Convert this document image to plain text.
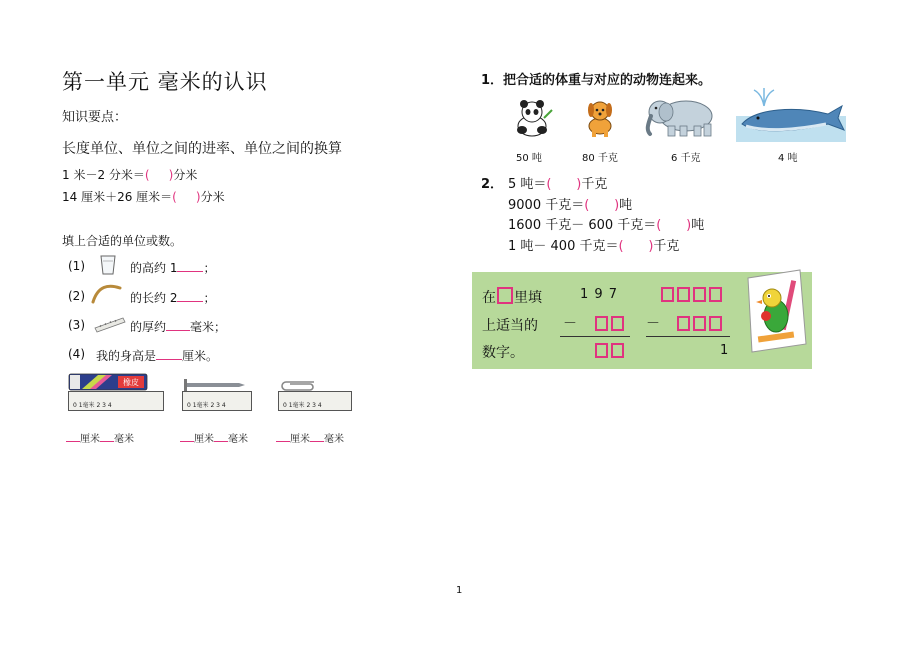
第一单元 毫米的认识
知识要点：
长度单位、单位之间的进率、单位之间的换算
1 米－2 分米＝(     )分米
14 厘米＋26 厘米＝(     )分米
填上合适的单位或数。
(1)	的高约 1 ；
(2)	的长约 2 ；
(3)	的厚约 毫米；
(4) 我的身高是 厘米。
橡皮
0 1毫米 2 3 4	0 1毫米 2 3 4	0 1毫米 2 3 4
厘米 毫米	厘米 毫米	厘米 毫米
1．把合适的体重与对应的动物连起来。
50 吨	80 千克	6 千克	4 吨
2． 5 吨＝(      )千克
9000 千克＝(      )吨
1600 千克－ 600 千克＝(      )吨
1 吨－ 400 千克＝(      )千克
在 里填
上适当的
数字。
1 9 7
－	－
1
1
